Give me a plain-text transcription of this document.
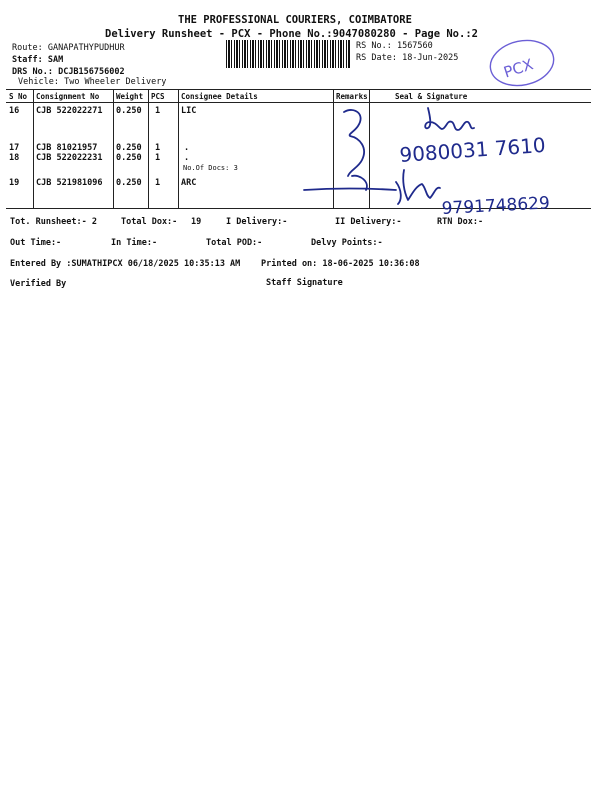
THE PROFESSIONAL COURIERS, COIMBATORE
Delivery Runsheet - PCX - Phone No.:9047080280 - Page No.:2
Route: GANAPATHYPUDHUR
Staff: SAM
DRS No.: DCJB156756002
Vehicle: Two Wheeler Delivery
RS No.: 1567560
RS Date: 18-Jun-2025	PCX
S No Consignment No Weight PCS Consignee Details	Remarks	Seal & Signature
16 CJB 522022271 0.250 1 LIC
17 CJB 81021957 0.250 1	.
18 CJB 522022231 0.250 1	.
No.Of Docs: 3
19 CJB 521981096 0.250 1 ARC
9080031 7610
9791748629
Tot. Runsheet:- 2	Total Dox:- 19	I Delivery:-	II Delivery:-	RTN Dox:-
Out Time:-	In Time:-	Total POD:-	Delvy Points:-
Entered By :SUMATHIPCX 06/18/2025 10:35:13 AM Printed on: 18-06-2025 10:36:08
Verified By	Staff Signature
